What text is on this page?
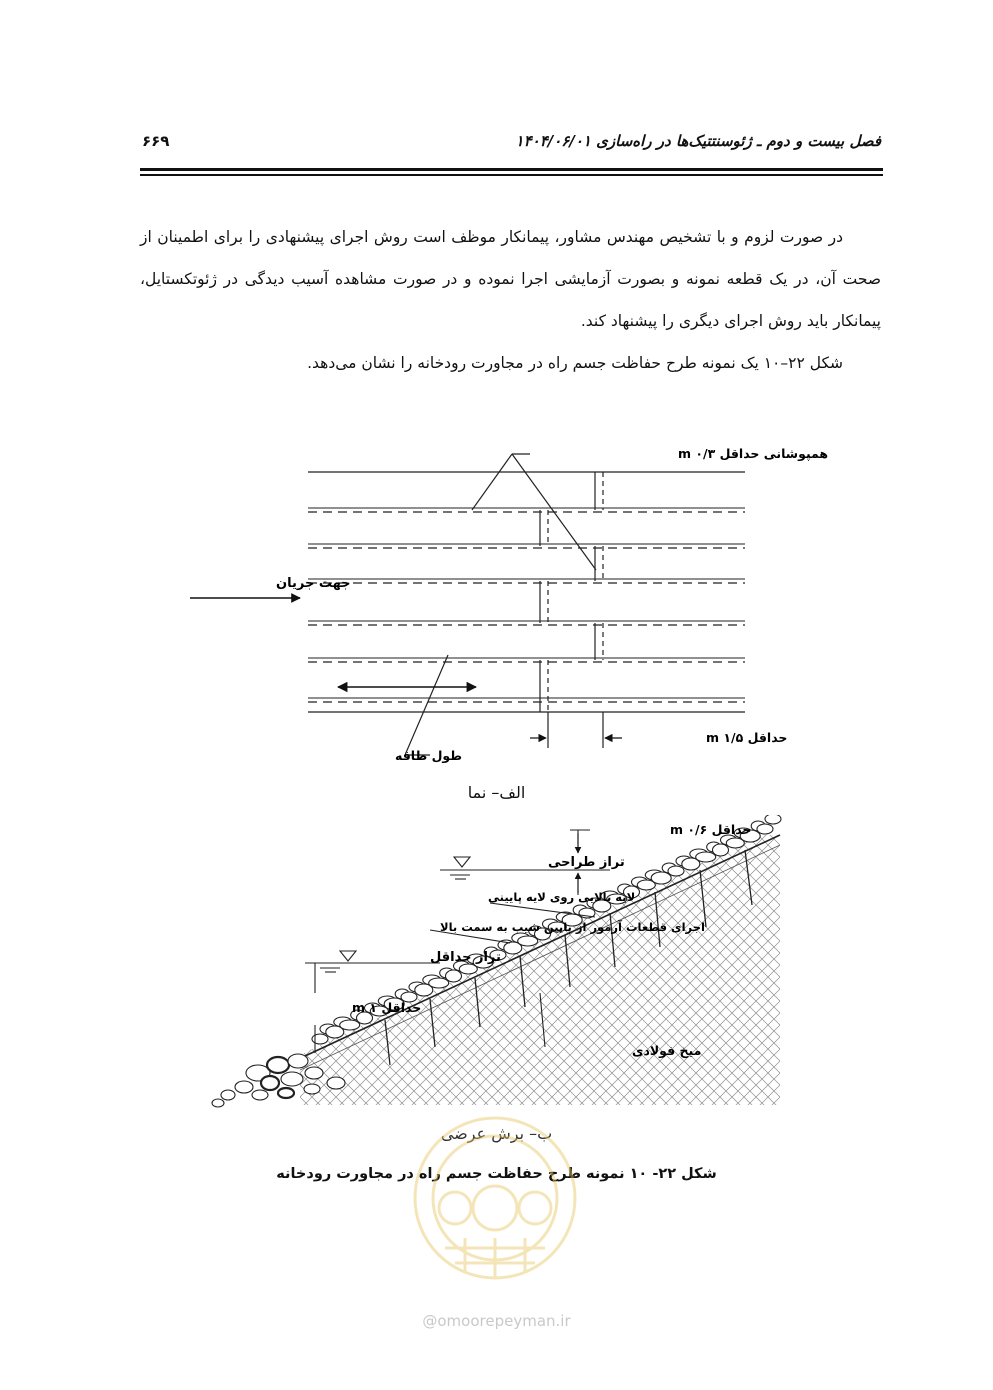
فصل بیست و دوم ـ ژئوسنتتیک‌ها در راه‌سازی ۱۴۰۴/۰۶/۰۱
۶۶۹

در صورت لزوم و با تشخیص مهندس مشاور، پیمانکار موظف است روش اجرای پیشنهادی را برای اطمینان از صحت آن، در یک قطعه نمونه و بصورت آزمایشی اجرا نموده و در صورت مشاهده آسیب دیدگی در ژئوتکستایل، پیمانکار باید روش اجرای دیگری را پیشنهاد کند.

شکل ۲۲–۱۰ یک نمونه طرح حفاظت جسم راه در مجاورت رودخانه را نشان می‌دهد.

همپوشانی حداقل ۰/۳ m
جهت جریان
حداقل ۱/۵ m
طول طاقه
الف– نما
حداقل ۰/۶ m
تراز طراحی
لایه بالایی روی لایه پایینی
اجرای قطعات آرمور از پایین شیب به سمت بالا
تراز حداقل
حداقل ۱ m
میخ فولادی
ب– برش عرضی
شکل ۲۲- ۱۰ نمونه طرح حفاظت جسم راه در مجاورت رودخانه
@omoorepeyman.ir
